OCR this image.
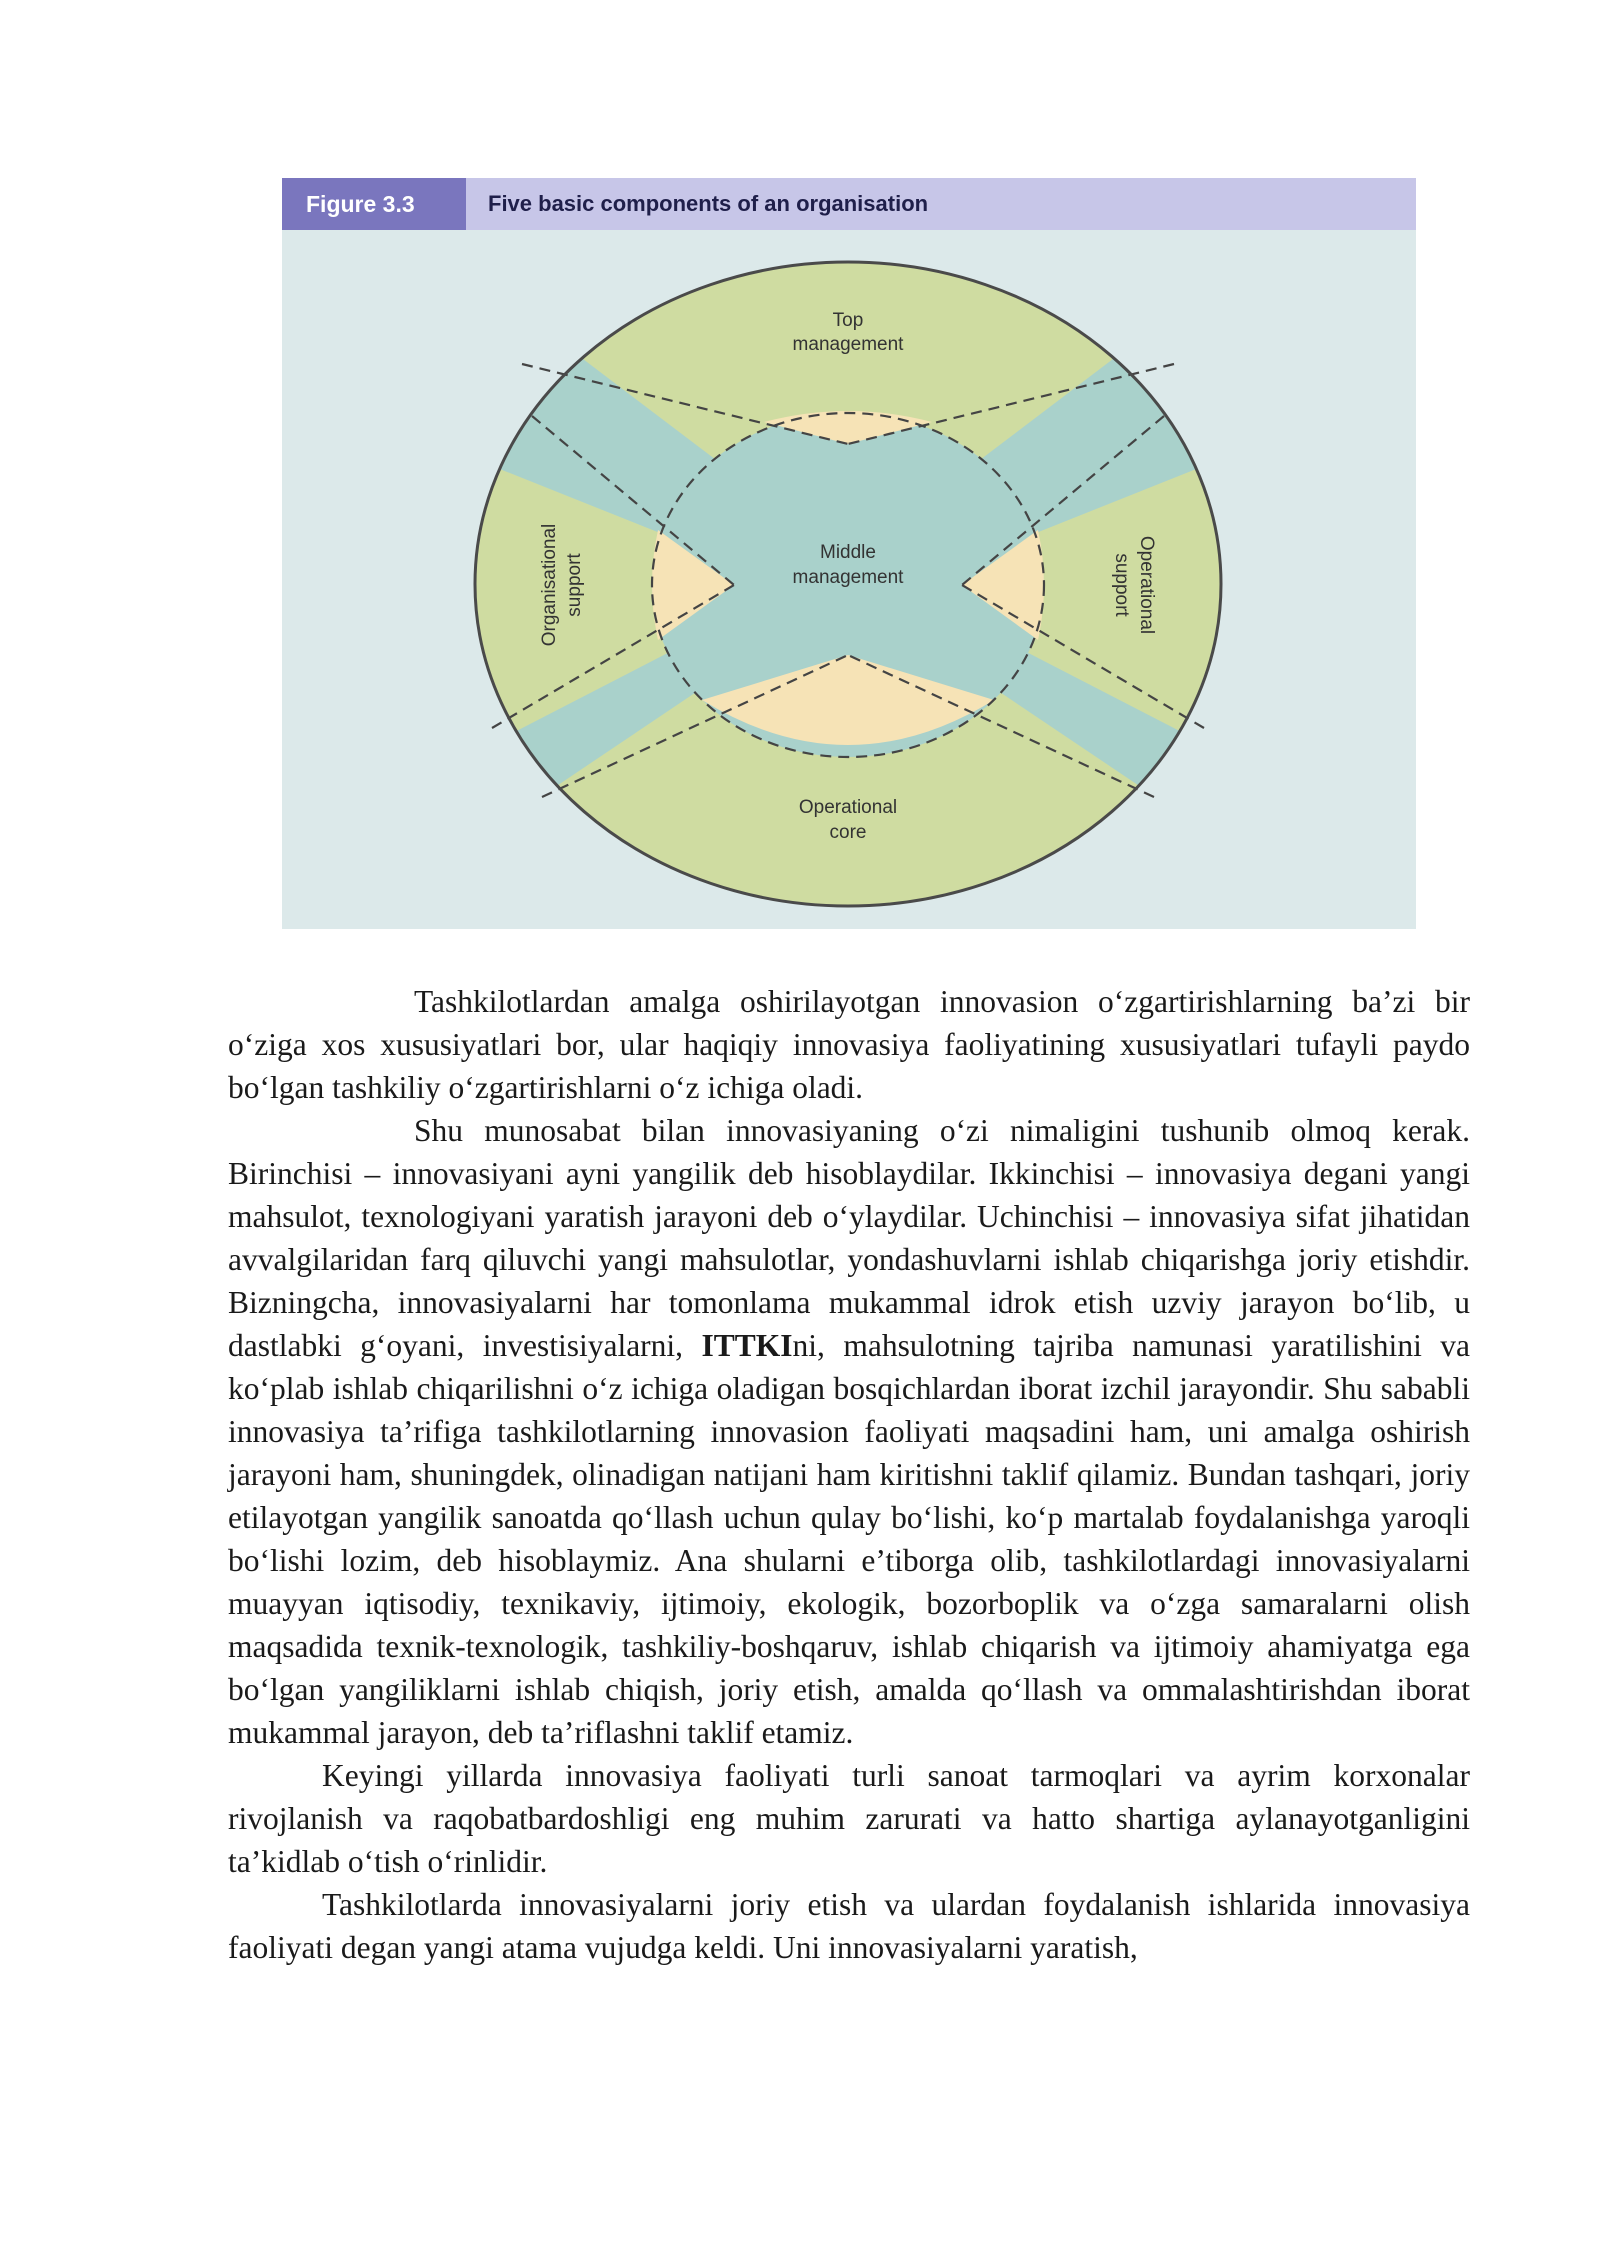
Figure 3.3	Five basic components of an organisation
Top
management
Middle
management
Operational
core
Organisational support	Operational
support

Tashkilotlardan amalga oshirilayotgan innovasion o‘zgartirishlarning ba’zi bir o‘ziga xos xususiyatlari bor, ular haqiqiy innovasiya faoliyatining xususiyatlari tufayli paydo bo‘lgan tashkiliy o‘zgartirishlarni o‘z ichiga oladi.

Shu munosabat bilan innovasiyaning o‘zi nimaligini tushunib olmoq kerak. Birinchisi – innovasiyani ayni yangilik deb hisoblaydilar. Ikkinchisi – innovasiya degani yangi mahsulot, texnologiyani yaratish jarayoni deb o‘ylaydilar. Uchinchisi – innovasiya sifat jihatidan avvalgilaridan farq qiluvchi yangi mahsulotlar, yondashuvlarni ishlab chiqarishga joriy etishdir. Bizningcha, innovasiyalarni har tomonlama mukammal idrok etish uzviy jarayon bo‘lib, u dastlabki g‘oyani, investisiyalarni, ITTKIni, mahsulotning tajriba namunasi yaratilishini va ko‘plab ishlab chiqarilishni o‘z ichiga oladigan bosqichlardan iborat izchil jarayondir. Shu sababli innovasiya ta’rifiga tashkilotlarning innovasion faoliyati maqsadini ham, uni amalga oshirish jarayoni ham, shuningdek, olinadigan natijani ham kiritishni taklif qilamiz. Bundan tashqari, joriy etilayotgan yangilik sanoatda qo‘llash uchun qulay bo‘lishi, ko‘p martalab foydalanishga yaroqli bo‘lishi lozim, deb hisoblaymiz. Ana shularni e’tiborga olib, tashkilotlardagi innovasiyalarni muayyan iqtisodiy, texnikaviy, ijtimoiy, ekologik, bozorboplik va o‘zga samaralarni olish maqsadida texnik-texnologik, tashkiliy-boshqaruv, ishlab chiqarish va ijtimoiy ahamiyatga ega bo‘lgan yangiliklarni ishlab chiqish, joriy etish, amalda qo‘llash va ommalashtirishdan iborat mukammal jarayon, deb ta’riflashni taklif etamiz.

Keyingi yillarda innovasiya faoliyati turli sanoat tarmoqlari va ayrim korxonalar rivojlanish va raqobatbardoshligi eng muhim zarurati va hatto shartiga aylanayotganligini ta’kidlab o‘tish o‘rinlidir.

Tashkilotlarda innovasiyalarni joriy etish va ulardan foydalanish ishlarida innovasiya faoliyati degan yangi atama vujudga keldi. Uni innovasiyalarni yaratish,
